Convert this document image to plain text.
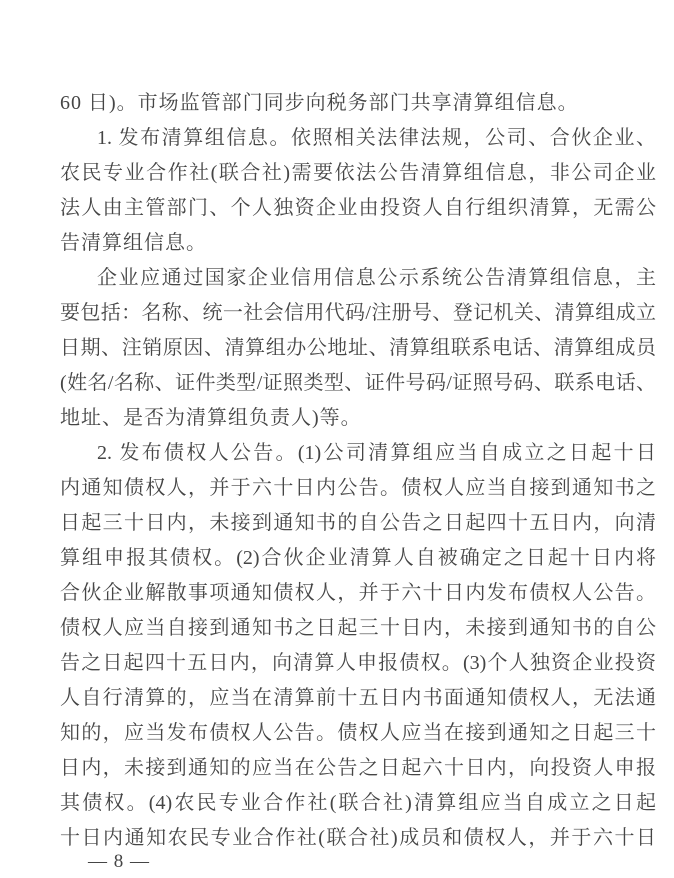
60 日)。市场监管部门同步向税务部门共享清算组信息。

1. 发布清算组信息。依照相关法律法规，公司、合伙企业、

农民专业合作社(联合社)需要依法公告清算组信息，非公司企业

法人由主管部门、个人独资企业由投资人自行组织清算，无需公

告清算组信息。

企业应通过国家企业信用信息公示系统公告清算组信息，主

要包括：名称、统一社会信用代码/注册号、登记机关、清算组成立

日期、注销原因、清算组办公地址、清算组联系电话、清算组成员

(姓名/名称、证件类型/证照类型、证件号码/证照号码、联系电话、

地址、是否为清算组负责人)等。

2. 发布债权人公告。(1)公司清算组应当自成立之日起十日

内通知债权人，并于六十日内公告。债权人应当自接到通知书之

日起三十日内，未接到通知书的自公告之日起四十五日内，向清

算组申报其债权。(2)合伙企业清算人自被确定之日起十日内将

合伙企业解散事项通知债权人，并于六十日内发布债权人公告。

债权人应当自接到通知书之日起三十日内，未接到通知书的自公

告之日起四十五日内，向清算人申报债权。(3)个人独资企业投资

人自行清算的，应当在清算前十五日内书面通知债权人，无法通

知的，应当发布债权人公告。债权人应当在接到通知之日起三十

日内，未接到通知的应当在公告之日起六十日内，向投资人申报

其债权。(4)农民专业合作社(联合社)清算组应当自成立之日起

十日内通知农民专业合作社(联合社)成员和债权人，并于六十日

— 8 —
